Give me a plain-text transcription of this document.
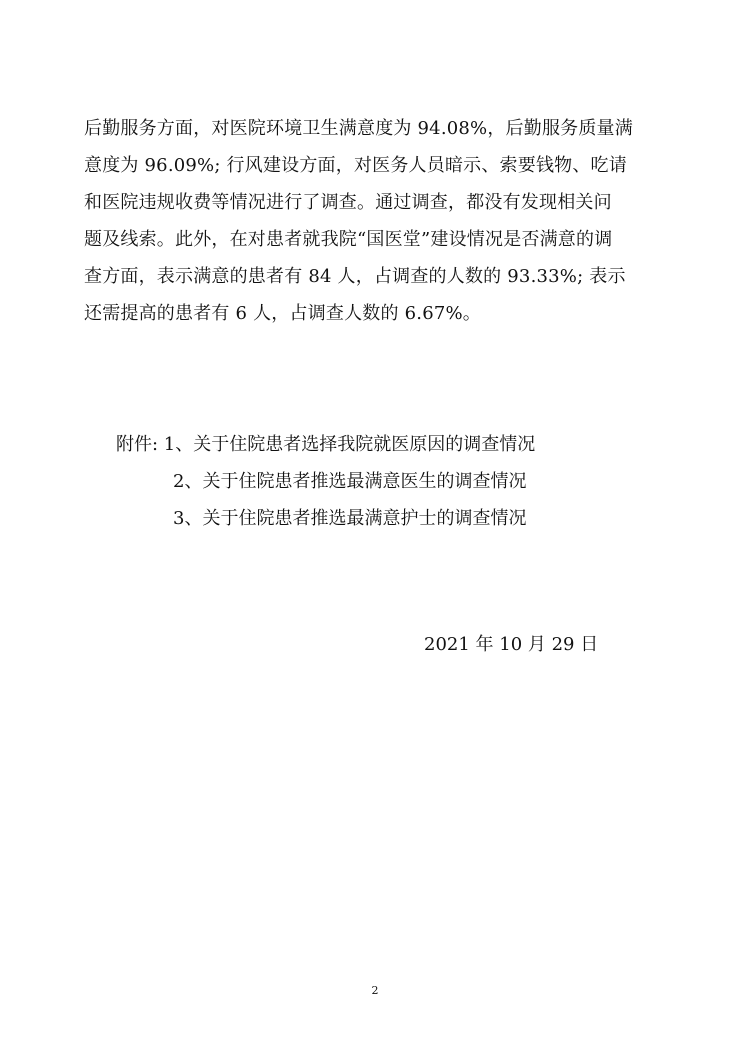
后勤服务方面，对医院环境卫生满意度为 94.08%，后勤服务质量满
意度为 96.09%; 行风建设方面，对医务人员暗示、索要钱物、吃请
和医院违规收费等情况进行了调查。通过调查，都没有发现相关问
题及线索。此外，在对患者就我院“国医堂”建设情况是否满意的调
查方面，表示满意的患者有 84 人，占调查的人数的 93.33%; 表示
还需提高的患者有 6 人，占调查人数的 6.67%。
附件: 1、关于住院患者选择我院就医原因的调查情况
2、关于住院患者推选最满意医生的调查情况
3、关于住院患者推选最满意护士的调查情况
2021 年 10 月 29 日
2
